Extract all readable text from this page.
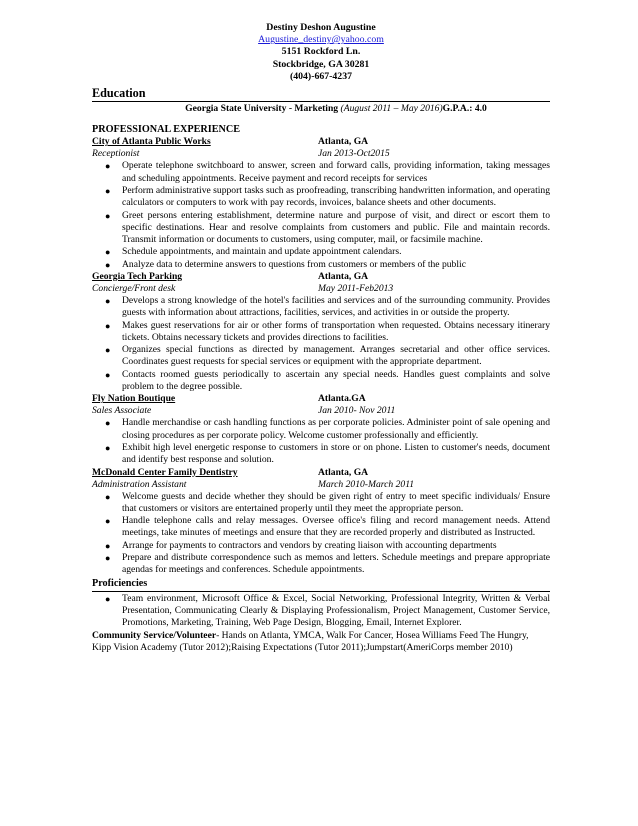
Destiny Deshon Augustine
Augustine_destiny@yahoo.com
5151 Rockford Ln.
Stockbridge, GA 30281
(404)-667-4237
Education
Georgia State University - Marketing (August 2011 – May 2016)G.P.A.: 4.0
PROFESSIONAL EXPERIENCE
City of Atlanta Public Works	Atlanta, GA
Receptionist	Jan 2013-Oct2015
● Operate telephone switchboard to answer, screen and forward calls, providing information, taking messages and scheduling appointments. Receive payment and record receipts for services
● Perform administrative support tasks such as proofreading, transcribing handwritten information, and operating calculators or computers to work with pay records, invoices, balance sheets and other documents.
● Greet persons entering establishment, determine nature and purpose of visit, and direct or escort them to specific destinations. Hear and resolve complaints from customers and public. File and maintain records. Transmit information or documents to customers, using computer, mail, or facsimile machine.
● Schedule appointments, and maintain and update appointment calendars.
● Analyze data to determine answers to questions from customers or members of the public
Georgia Tech Parking	Atlanta, GA
Concierge/Front desk	May 2011-Feb2013
● Develops a strong knowledge of the hotel's facilities and services and of the surrounding community. Provides guests with information about attractions, facilities, services, and activities in or outside the property.
● Makes guest reservations for air or other forms of transportation when requested. Obtains necessary itinerary tickets. Obtains necessary tickets and provides directions to facilities.
● Organizes special functions as directed by management. Arranges secretarial and other office services. Coordinates guest requests for special services or equipment with the appropriate department.
● Contacts roomed guests periodically to ascertain any special needs. Handles guest complaints and solve problem to the degree possible.
Fly Nation Boutique	Atlanta.GA
Sales Associate	Jan 2010- Nov 2011
● Handle merchandise or cash handling functions as per corporate policies. Administer point of sale opening and closing procedures as per corporate policy. Welcome customer professionally and efficiently.
● Exhibit high level energetic response to customers in store or on phone. Listen to customer's needs, document and identify best response and solution.
McDonald Center Family Dentistry	Atlanta, GA
Administration Assistant	March 2010-March 2011
● Welcome guests and decide whether they should be given right of entry to meet specific individuals/ Ensure that customers or visitors are entertained properly until they meet the appropriate person.
● Handle telephone calls and relay messages. Oversee office's filing and record management needs. Attend meetings, take minutes of meetings and ensure that they are recorded properly and distributed as Instructed.
● Arrange for payments to contractors and vendors by creating liaison with accounting departments
● Prepare and distribute correspondence such as memos and letters. Schedule meetings and prepare appropriate agendas for meetings and conferences. Schedule appointments.
Proficiencies
● Team environment, Microsoft Office & Excel, Social Networking, Professional Integrity, Written & Verbal Presentation, Communicating Clearly & Displaying Professionalism, Project Management, Customer Service, Promotions, Marketing, Training, Web Page Design, Blogging, Email, Internet Explorer.
Community Service/Volunteer- Hands on Atlanta, YMCA, Walk For Cancer, Hosea Williams Feed The Hungry, Kipp Vision Academy (Tutor 2012);Raising Expectations (Tutor 2011);Jumpstart(AmeriCorps member 2010)
